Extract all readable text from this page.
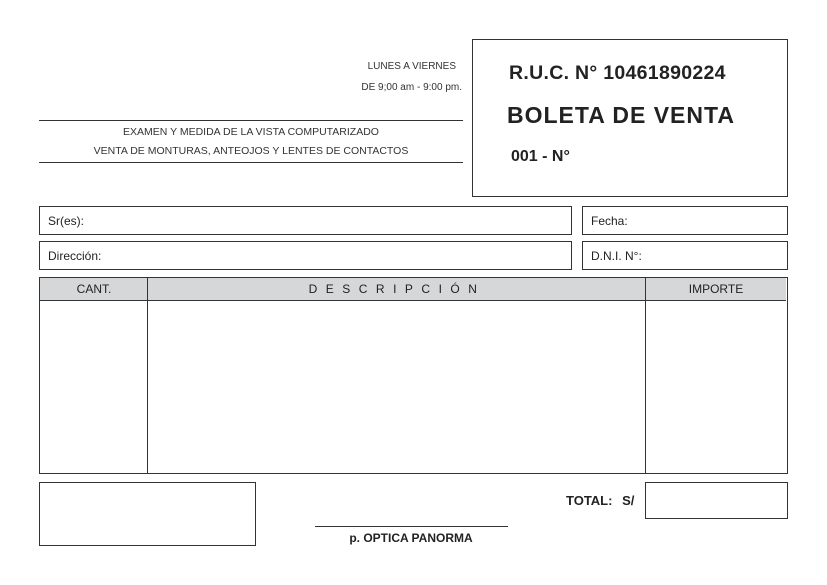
LUNES A VIERNES
DE 9;00 am - 9:00 pm.
EXAMEN Y MEDIDA DE LA VISTA COMPUTARIZADO
VENTA DE MONTURAS, ANTEOJOS Y LENTES DE CONTACTOS
R.U.C. N° 10461890224
BOLETA DE VENTA
001 - N°
Sr(es):	Fecha:
Dirección:	D.N.I. N°:
CANT.	DESCRIPCIÓN	IMPORTE
TOTAL: S/
p. OPTICA PANORMA
